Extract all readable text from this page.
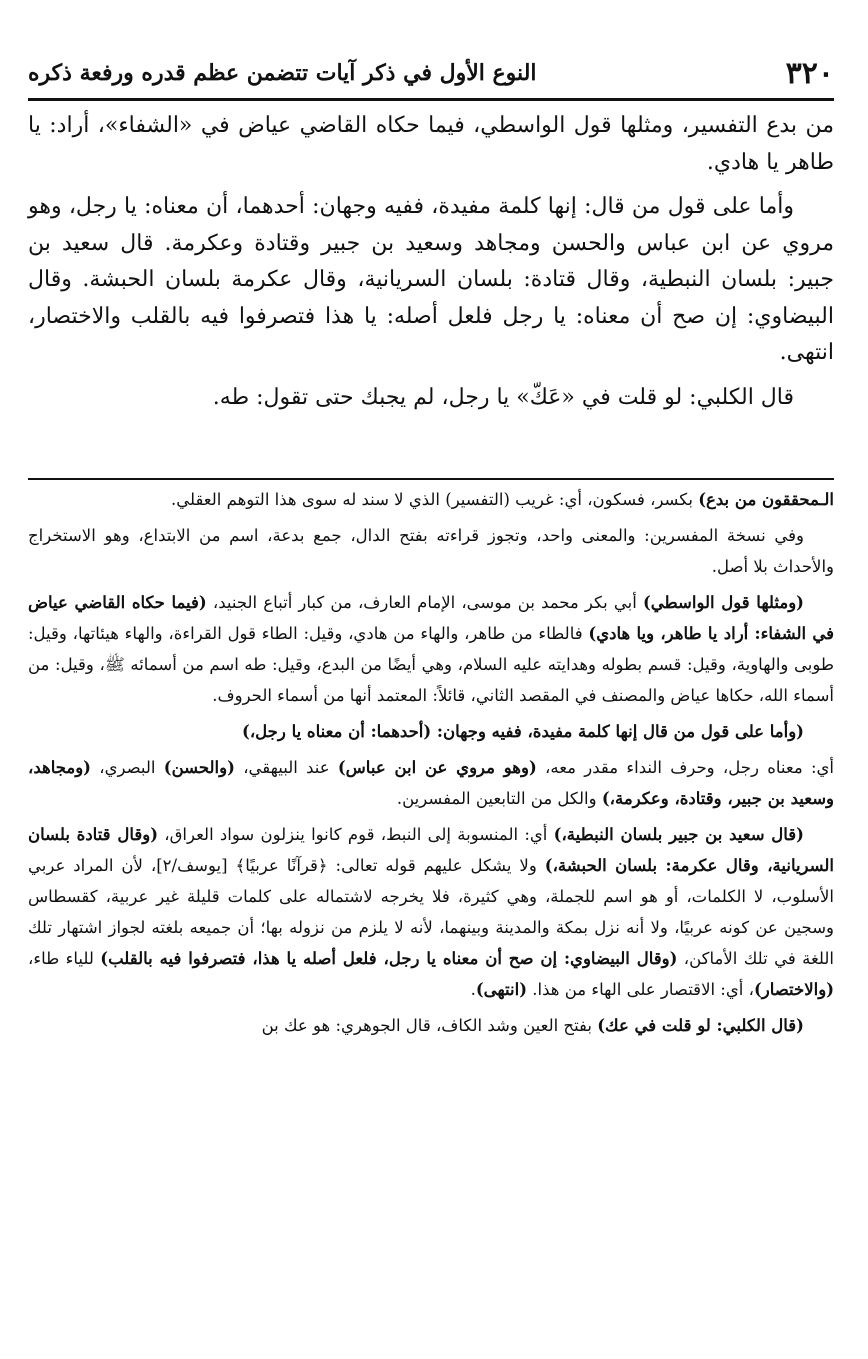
٣٢٠
النوع الأول في ذكر آيات تتضمن عظم قدره ورفعة ذكره

من بدع التفسير، ومثلها قول الواسطي، فيما حكاه القاضي عياض في «الشفاء»، أراد: يا طاهر يا هادي.

وأما على قول من قال: إنها كلمة مفيدة، ففيه وجهان: أحدهما، أن معناه: يا رجل، وهو مروي عن ابن عباس والحسن ومجاهد وسعيد بن جبير وقتادة وعكرمة. قال سعيد بن جبير: بلسان النبطية، وقال قتادة: بلسان السريانية، وقال عكرمة بلسان الحبشة. وقال البيضاوي: إن صح أن معناه: يا رجل فلعل أصله: يا هذا فتصرفوا فيه بالقلب والاختصار، انتهى.

قال الكلبي: لو قلت في «عَكّ» يا رجل، لم يجبك حتى تقول: طه.

الـمحققون من بدع) بكسر، فسكون، أي: غريب (التفسير) الذي لا سند له سوى هذا التوهم العقلي.

وفي نسخة المفسرين: والمعنى واحد، وتجوز قراءته بفتح الدال، جمع بدعة، اسم من الابتداع، وهو الاستخراج والأحداث بلا أصل.

(ومثلها قول الواسطي) أبي بكر محمد بن موسى، الإمام العارف، من كبار أتباع الجنيد، (فيما حكاه القاضي عياض في الشفاء: أراد يا طاهر، ويا هادي) فالطاء من طاهر، والهاء من هادي، وقيل: الطاء قول القراءة، والهاء هيئاتها، وقيل: طوبى والهاوية، وقيل: قسم بطوله وهدايته عليه السلام، وهي أيضًا من البدع، وقيل: طه اسم من أسمائه ﷺ، وقيل: من أسماء الله، حكاها عياض والمصنف في المقصد الثاني، قائلاً: المعتمد أنها من أسماء الحروف.

(وأما على قول من قال إنها كلمة مفيدة، ففيه وجهان: (أحدهما: أن معناه يا رجل،)

أي: معناه رجل، وحرف النداء مقدر معه، (وهو مروي عن ابن عباس) عند البيهقي، (والحسن) البصري، (ومجاهد، وسعيد بن جبير، وقتادة، وعكرمة،) والكل من التابعين المفسرين.

(قال سعيد بن جبير بلسان النبطية،) أي: المنسوبة إلى النبط، قوم كانوا ينزلون سواد العراق، (وقال قتادة بلسان السريانية، وقال عكرمة: بلسان الحبشة،) ولا يشكل عليهم قوله تعالى: ﴿قرآنًا عربيًا﴾ [يوسف/٢]، لأن المراد عربي الأسلوب، لا الكلمات، أو هو اسم للجملة، وهي كثيرة، فلا يخرجه لاشتماله على كلمات قليلة غير عربية، كقسطاس وسجين عن كونه عربيًا، ولا أنه نزل بمكة والمدينة وبينهما، لأنه لا يلزم من نزوله بها؛ أن جميعه بلغته لجواز اشتهار تلك اللغة في تلك الأماكن، (وقال البيضاوي: إن صح أن معناه يا رجل، فلعل أصله يا هذا، فتصرفوا فيه بالقلب) للياء طاء، (والاختصار)، أي: الاقتصار على الهاء من هذا. (انتهى).

(قال الكلبي: لو قلت في عك) بفتح العين وشد الكاف، قال الجوهري: هو عك بن
